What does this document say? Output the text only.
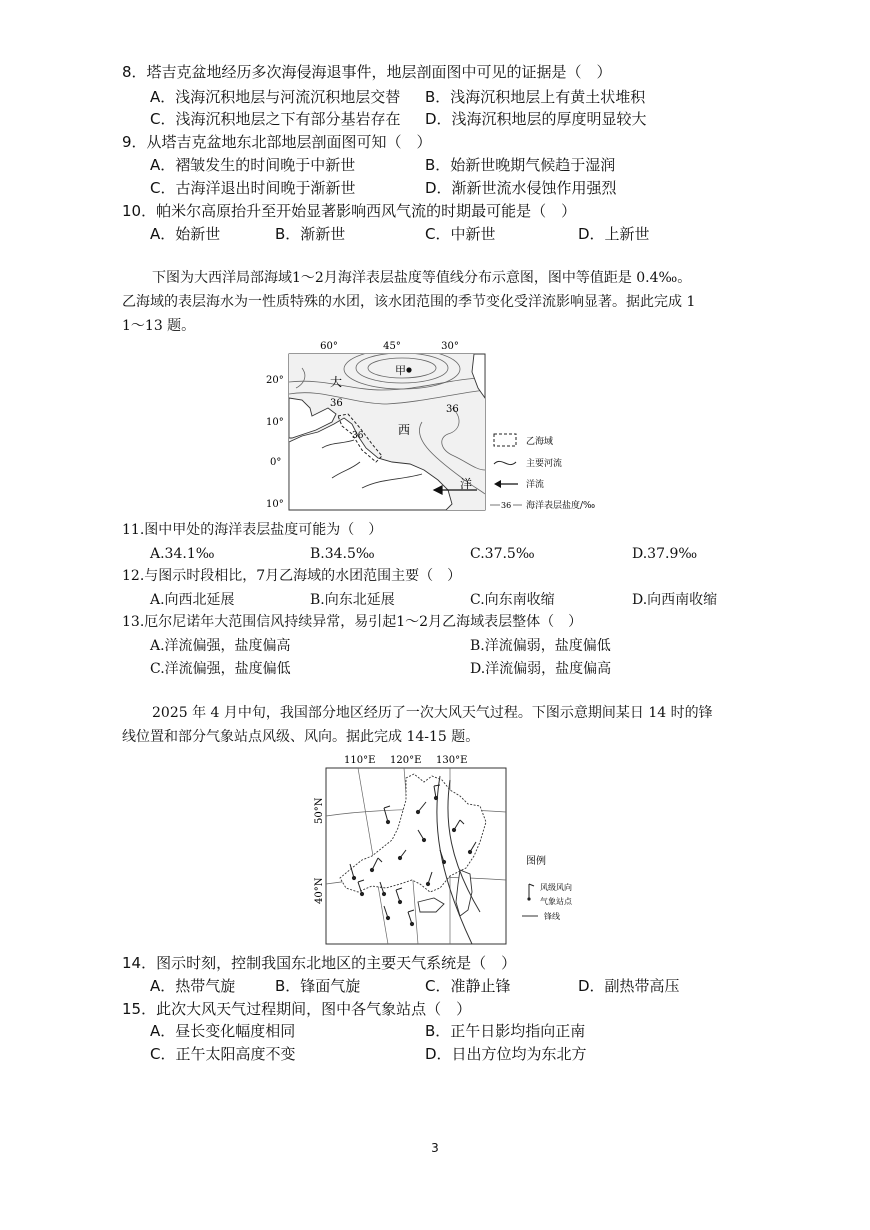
8．塔吉克盆地经历多次海侵海退事件，地层剖面图中可见的证据是（　）
A．浅海沉积地层与河流沉积地层交替 B．浅海沉积地层上有黄土状堆积
C．浅海沉积地层之下有部分基岩存在 D．浅海沉积地层的厚度明显较大
9．从塔吉克盆地东北部地层剖面图可知（　）
A．褶皱发生的时间晚于中新世	B．始新世晚期气候趋于湿润
C．古海洋退出时间晚于渐新世	D．渐新世流水侵蚀作用强烈
10．帕米尔高原抬升至开始显著影响西风气流的时期最可能是（　）
A．始新世	B．渐新世	C．中新世	D．上新世
下图为大西洋局部海域1～2月海洋表层盐度等值线分布示意图，图中等值距是 0.4‰。
乙海域的表层海水为一性质特殊的水团，该水团范围的季节变化受洋流影响显著。据此完成 1
1～13 题。
60°	45°	30°
20°
10°
0°
10°
甲
大
西
洋
36
36
36
乙海域
主要河流
洋流
36 海洋表层盐度/‰
11.图中甲处的海洋表层盐度可能为（　）
A.34.1‰	B.34.5‰	C.37.5‰	D.37.9‰
12.与图示时段相比，7月乙海域的水团范围主要（　）
A.向西北延展	B.向东北延展	C.向东南收缩	D.向西南收缩
13.厄尔尼诺年大范围信风持续异常，易引起1～2月乙海域表层整体（　）
A.洋流偏强，盐度偏高	B.洋流偏弱，盐度偏低
C.洋流偏强，盐度偏低	D.洋流偏弱，盐度偏高
2025 年 4 月中旬，我国部分地区经历了一次大风天气过程。下图示意期间某日 14 时的锋
线位置和部分气象站点风级、风向。据此完成 14-15 题。
110°E 120°E 130°E
50°N
40°N
图例
风级风向
气象站点
锋线
14．图示时刻，控制我国东北地区的主要天气系统是（　）
A．热带气旋	B．锋面气旋	C．准静止锋	D．副热带高压
15．此次大风天气过程期间，图中各气象站点（　）
A．昼长变化幅度相同	B．正午日影均指向正南
C．正午太阳高度不变	D．日出方位均为东北方
3
